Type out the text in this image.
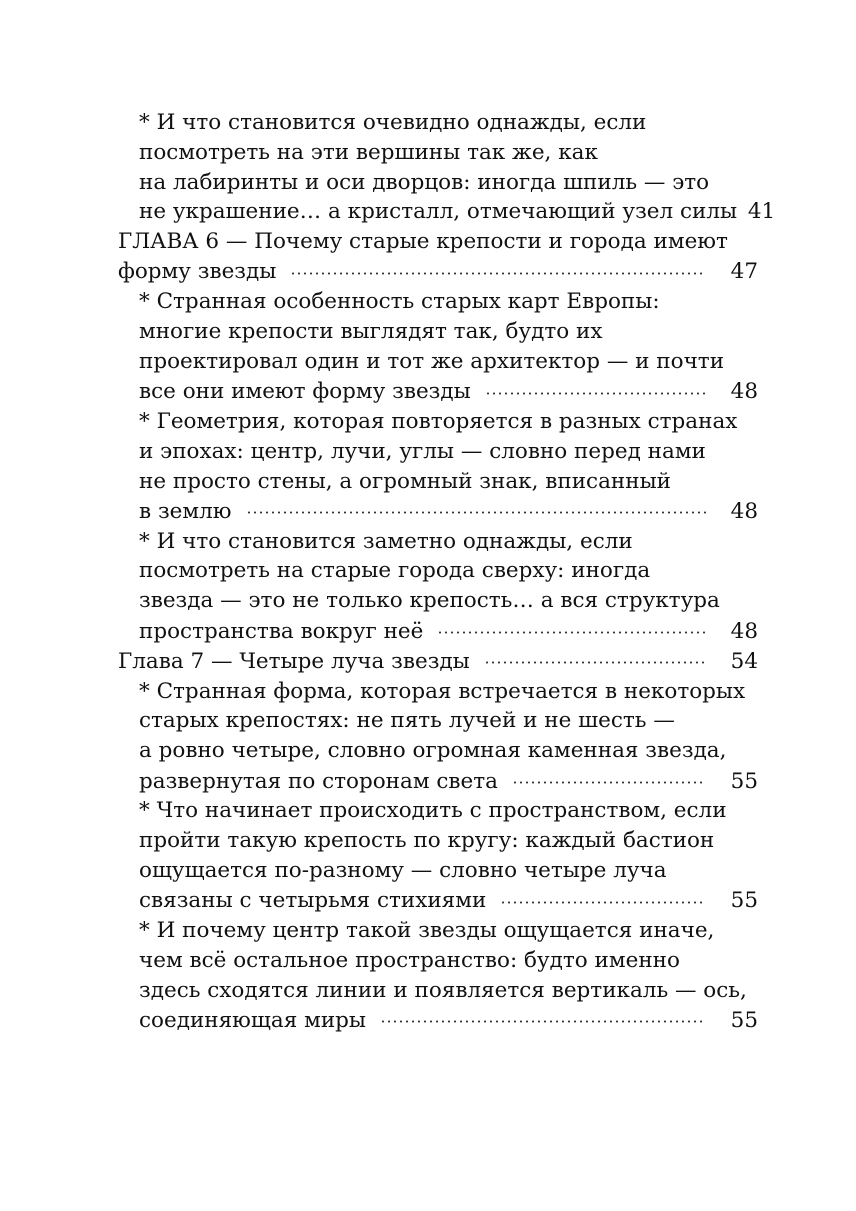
* И что становится очевидно однажды, если
посмотреть на эти вершины так же, как
на лабиринты и оси дворцов: иногда шпиль — это
не украшение… а кристалл, отмечающий узел силы 41
ГЛАВА 6 — Почему старые крепости и города имеют
форму звезды	47
* Странная особенность старых карт Европы:
многие крепости выглядят так, будто их
проектировал один и тот же архитектор — и почти
все они имеют форму звезды	48
* Геометрия, которая повторяется в разных странах
и эпохах: центр, лучи, углы — словно перед нами
не просто стены, а огромный знак, вписанный
в землю	48
* И что становится заметно однажды, если
посмотреть на старые города сверху: иногда
звезда — это не только крепость… а вся структура
пространства вокруг неё	48
Глава 7 — Четыре луча звезды	54
* Странная форма, которая встречается в некоторых
старых крепостях: не пять лучей и не шесть —
а ровно четыре, словно огромная каменная звезда,
развернутая по сторонам света	55
* Что начинает происходить с пространством, если
пройти такую крепость по кругу: каждый бастион
ощущается по-разному — словно четыре луча
связаны с четырьмя стихиями	55
* И почему центр такой звезды ощущается иначе,
чем всё остальное пространство: будто именно
здесь сходятся линии и появляется вертикаль — ось,
соединяющая миры	55
